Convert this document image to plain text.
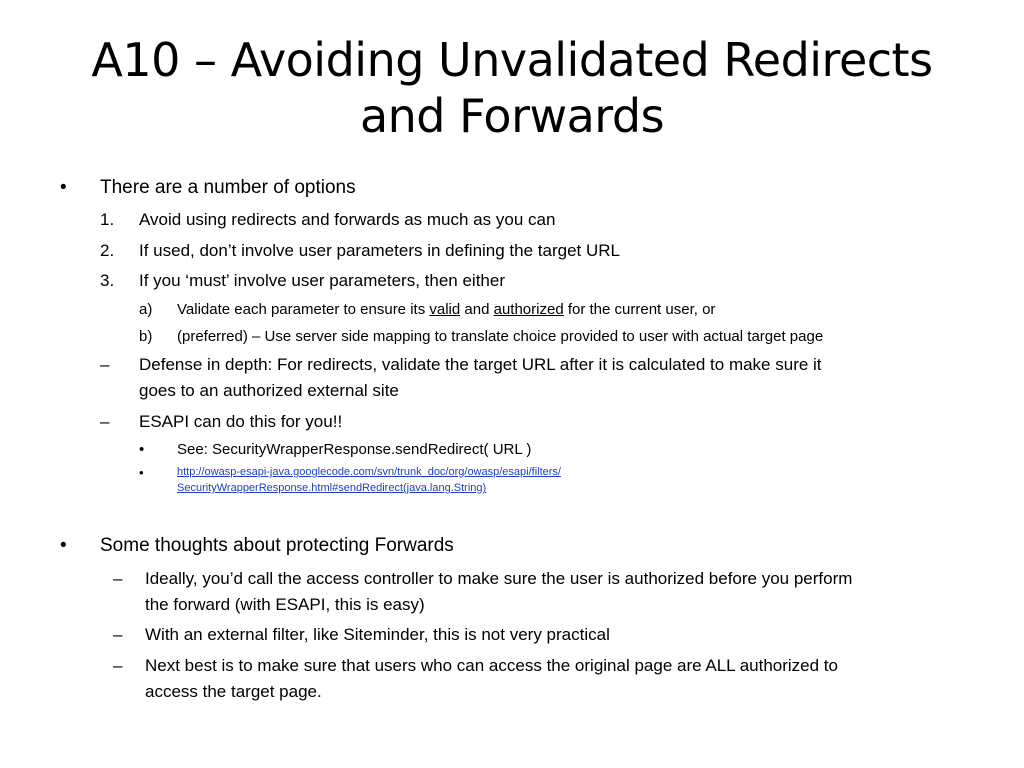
A10 – Avoiding Unvalidated Redirects
and Forwards
• There are a number of options
1. Avoid using redirects and forwards as much as you can
2. If used, don’t involve user parameters in defining the target URL
3. If you ‘must’ involve user parameters, then either
a) Validate each parameter to ensure its valid and authorized for the current user, or
b) (preferred) – Use server side mapping to translate choice provided to user with actual target page
– Defense in depth: For redirects, validate the target URL after it is calculated to make sure it
goes to an authorized external site
– ESAPI can do this for you!!
• See: SecurityWrapperResponse.sendRedirect( URL )
•	http://owasp-esapi-java.googlecode.com/svn/trunk_doc/org/owasp/esapi/filters/
SecurityWrapperResponse.html#sendRedirect(java.lang.String)
• Some thoughts about protecting Forwards
– Ideally, you’d call the access controller to make sure the user is authorized before you perform
the forward (with ESAPI, this is easy)
– With an external filter, like Siteminder, this is not very practical
– Next best is to make sure that users who can access the original page are ALL authorized to
access the target page.
